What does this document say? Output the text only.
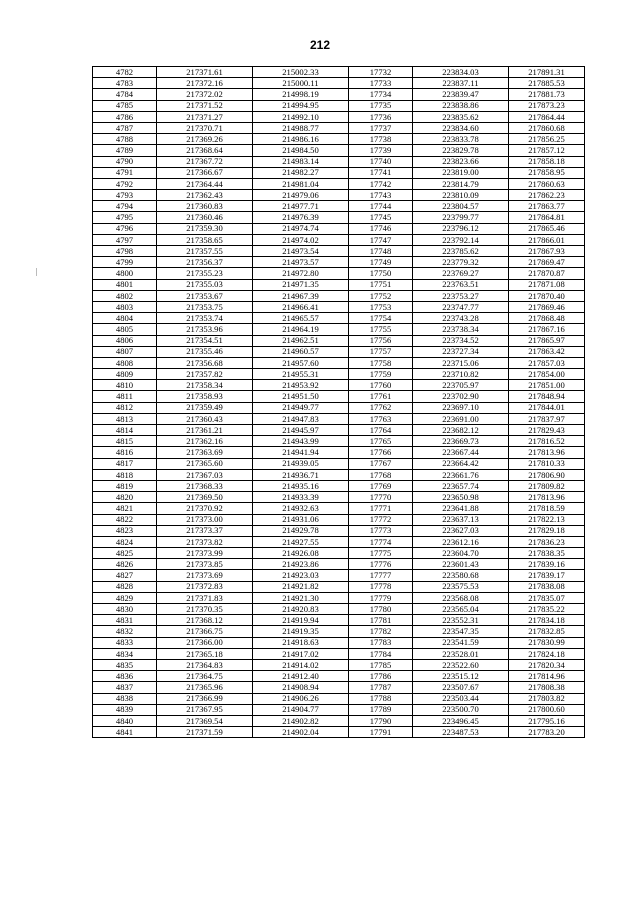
212
4782	217371.61	215002.33	17732	223834.03	217891.31
4783	217372.16	215000.11	17733	223837.11	217885.53
4784	217372.02	214998.19	17734	223839.47	217881.73
4785	217371.52	214994.95	17735	223838.86	217873.23
4786	217371.27	214992.10	17736	223835.62	217864.44
4787	217370.71	214988.77	17737	223834.60	217860.68
4788	217369.26	214986.16	17738	223833.78	217856.25
4789	217368.64	214984.50	17739	223829.78	217857.12
4790	217367.72	214983.14	17740	223823.66	217858.18
4791	217366.67	214982.27	17741	223819.00	217858.95
4792	217364.44	214981.04	17742	223814.79	217860.63
4793	217362.43	214979.06	17743	223810.09	217862.23
4794	217360.83	214977.71	17744	223804.57	217863.77
4795	217360.46	214976.39	17745	223799.77	217864.81
4796	217359.30	214974.74	17746	223796.12	217865.46
4797	217358.65	214974.02	17747	223792.14	217866.01
4798	217357.55	214973.54	17748	223785.62	217867.93
4799	217356.37	214973.57	17749	223779.32	217869.47
4800	217355.23	214972.80	17750	223769.27	217870.87
4801	217355.03	214971.35	17751	223763.51	217871.08
4802	217353.67	214967.39	17752	223753.27	217870.40
4803	217353.75	214966.41	17753	223747.77	217869.46
4804	217353.74	214965.57	17754	223743.28	217868.48
4805	217353.96	214964.19	17755	223738.34	217867.16
4806	217354.51	214962.51	17756	223734.52	217865.97
4807	217355.46	214960.57	17757	223727.34	217863.42
4808	217356.68	214957.60	17758	223715.06	217857.03
4809	217357.82	214955.31	17759	223710.82	217854.00
4810	217358.34	214953.92	17760	223705.97	217851.00
4811	217358.93	214951.50	17761	223702.90	217848.94
4812	217359.49	214949.77	17762	223697.10	217844.01
4813	217360.43	214947.83	17763	223691.00	217837.97
4814	217361.21	214945.97	17764	223682.12	217829.43
4815	217362.16	214943.99	17765	223669.73	217816.52
4816	217363.69	214941.94	17766	223667.44	217813.96
4817	217365.60	214939.05	17767	223664.42	217810.33
4818	217367.03	214936.71	17768	223661.76	217806.90
4819	217368.33	214935.16	17769	223657.74	217809.82
4820	217369.50	214933.39	17770	223650.98	217813.96
4821	217370.92	214932.63	17771	223641.88	217818.59
4822	217373.00	214931.06	17772	223637.13	217822.13
4823	217373.37	214929.78	17773	223627.03	217829.18
4824	217373.82	214927.55	17774	223612.16	217836.23
4825	217373.99	214926.08	17775	223604.70	217838.35
4826	217373.85	214923.86	17776	223601.43	217839.16
4827	217373.69	214923.03	17777	223580.68	217839.17
4828	217372.83	214921.82	17778	223575.53	217838.08
4829	217371.83	214921.30	17779	223568.08	217835.07
4830	217370.35	214920.83	17780	223565.04	217835.22
4831	217368.12	214919.94	17781	223552.31	217834.18
4832	217366.75	214919.35	17782	223547.35	217832.85
4833	217366.00	214918.63	17783	223541.59	217830.99
4834	217365.18	214917.02	17784	223528.01	217824.18
4835	217364.83	214914.02	17785	223522.60	217820.34
4836	217364.75	214912.40	17786	223515.12	217814.96
4837	217365.96	214908.94	17787	223507.67	217808.38
4838	217366.99	214906.26	17788	223503.44	217803.82
4839	217367.95	214904.77	17789	223500.70	217800.60
4840	217369.54	214902.82	17790	223496.45	217795.16
4841	217371.59	214902.04	17791	223487.53	217783.20
